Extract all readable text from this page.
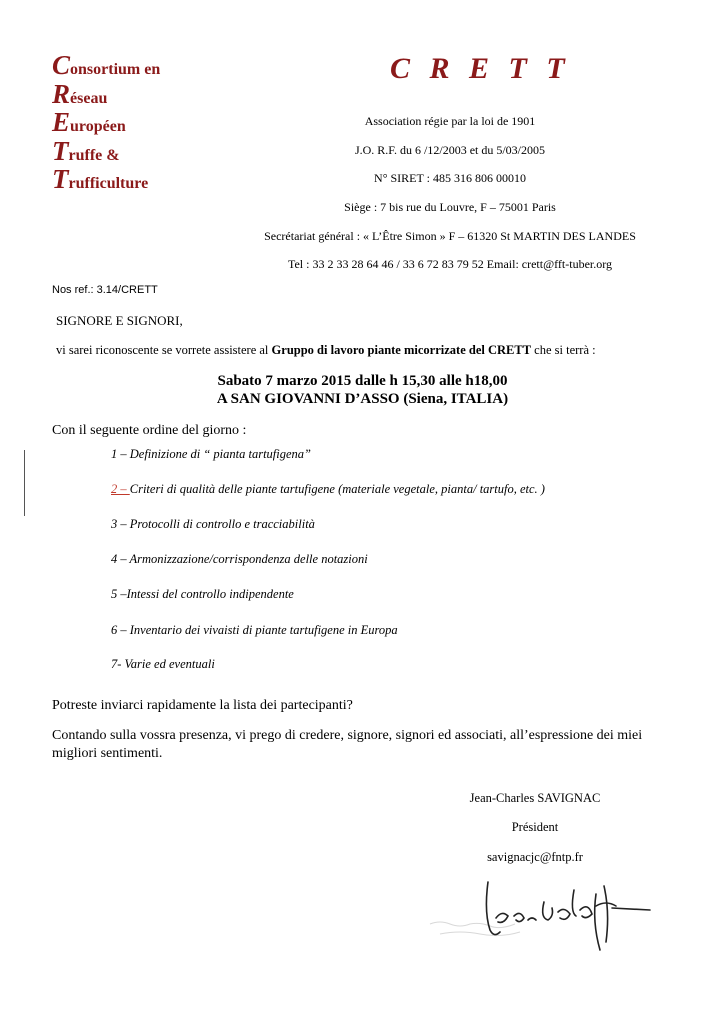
Consortium en
Réseau
Européen
Truffe &
Trufficulture
C R E T T
Association régie par la loi de 1901
J.O. R.F. du 6 /12/2003 et du 5/03/2005
N° SIRET : 485 316 806 00010
Siège : 7 bis rue du Louvre, F – 75001 Paris
Secrétariat général : « L’Être Simon » F – 61320 St MARTIN DES LANDES
Tel : 33 2 33 28 64 46 / 33 6 72 83 79 52 Email: crett@fft-tuber.org
Nos ref.: 3.14/CRETT
SIGNORE E SIGNORI,
vi sarei riconoscente se vorrete assistere al Gruppo di lavoro piante micorrizate del CRETT che si terrà :
Sabato 7 marzo 2015 dalle h 15,30 alle h18,00
A SAN GIOVANNI D’ASSO (Siena, ITALIA)
Con il seguente ordine del giorno :
1 – Definizione di “ pianta tartufigena”
2 – Criteri di qualità delle piante tartufigene (materiale vegetale, pianta/ tartufo, etc. )
3 – Protocolli di controllo e tracciabilità
4 – Armonizzazione/corrispondenza delle notazioni
5 –Intessi del controllo indipendente
6 – Inventario dei vivaisti di piante tartufigene in Europa
7- Varie ed eventuali
Potreste inviarci rapidamente la lista dei partecipanti?
Contando sulla vossra presenza, vi prego di credere, signore, signori ed associati, all’espressione dei miei migliori sentimenti.
Jean-Charles SAVIGNAC
Président
savignacjc@fntp.fr
